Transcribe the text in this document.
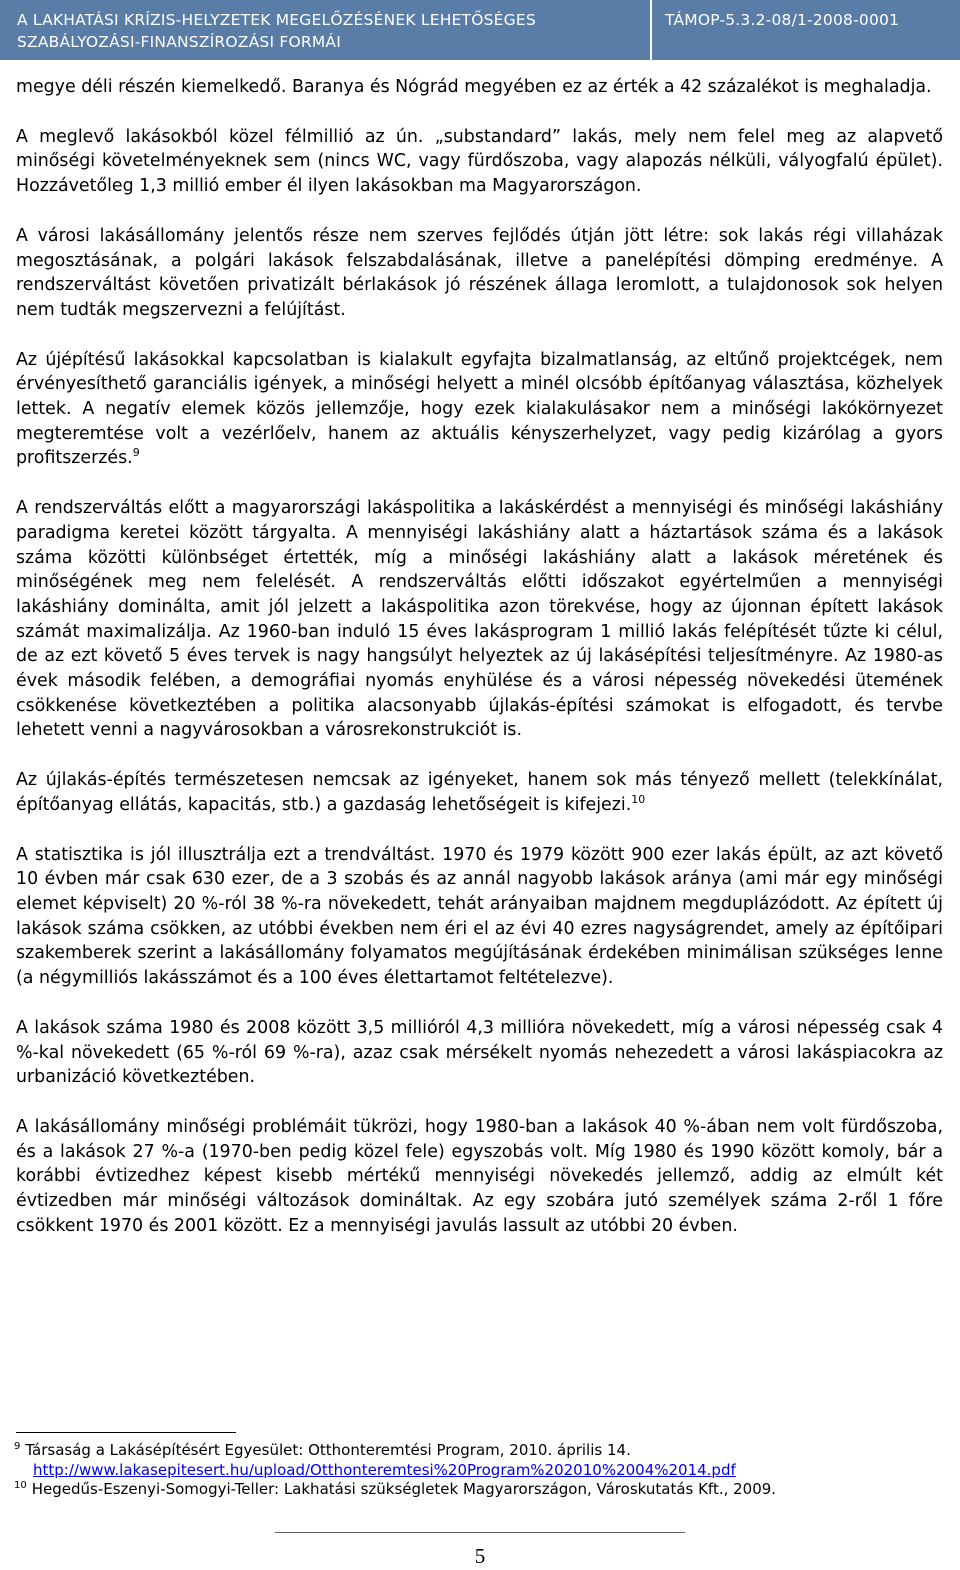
A LAKHATÁSI KRÍZIS-HELYZETEK MEGELŐZÉSÉNEK LEHETŐSÉGES
SZABÁLYOZÁSI-FINANSZÍROZÁSI FORMÁI
TÁMOP-5.3.2-08/1-2008-0001

megye déli részén kiemelkedő. Baranya és Nógrád megyében ez az érték a 42 százalékot is meghaladja.

A meglevő lakásokból közel félmillió az ún. „substandard” lakás, mely nem felel meg az alapvető minőségi követelményeknek sem (nincs WC, vagy fürdőszoba, vagy alapozás nélküli, vályogfalú épület). Hozzávetőleg 1,3 millió ember él ilyen lakásokban ma Magyarországon.

A városi lakásállomány jelentős része nem szerves fejlődés útján jött létre: sok lakás régi villaházak megosztásának, a polgári lakások felszabdalásának, illetve a panelépítési dömping eredménye. A rendszerváltást követően privatizált bérlakások jó részének állaga leromlott, a tulajdonosok sok helyen nem tudták megszervezni a felújítást.

Az újépítésű lakásokkal kapcsolatban is kialakult egyfajta bizalmatlanság, az eltűnő projektcégek, nem érvényesíthető garanciális igények, a minőségi helyett a minél olcsóbb építőanyag választása, közhelyek lettek. A negatív elemek közös jellemzője, hogy ezek kialakulásakor nem a minőségi lakókörnyezet megteremtése volt a vezérlőelv, hanem az aktuális kényszerhelyzet, vagy pedig kizárólag a gyors profitszerzés.$^9$

A rendszerváltás előtt a magyarországi lakáspolitika a lakáskérdést a mennyiségi és minőségi lakáshiány paradigma keretei között tárgyalta. A mennyiségi lakáshiány alatt a háztartások száma és a lakások száma közötti különbséget értették, míg a minőségi lakáshiány alatt a lakások méretének és minőségének meg nem felelését. A rendszerváltás előtti időszakot egyértelműen a mennyiségi lakáshiány dominálta, amit jól jelzett a lakáspolitika azon törekvése, hogy az újonnan épített lakások számát maximalizálja. Az 1960-ban induló 15 éves lakásprogram 1 millió lakás felépítését tűzte ki célul, de az ezt követő 5 éves tervek is nagy hangsúlyt helyeztek az új lakásépítési teljesítményre. Az 1980-as évek második felében, a demográfiai nyomás enyhülése és a városi népesség növekedési ütemének csökkenése következtében a politika alacsonyabb újlakás-építési számokat is elfogadott, és tervbe lehetett venni a nagyvárosokban a városrekonstrukciót is.

Az újlakás-építés természetesen nemcsak az igényeket, hanem sok más tényező mellett (telekkínálat, építőanyag ellátás, kapacitás, stb.) a gazdaság lehetőségeit is kifejezi.$^{10}$

A statisztika is jól illusztrálja ezt a trendváltást. 1970 és 1979 között 900 ezer lakás épült, az azt követő 10 évben már csak 630 ezer, de a 3 szobás és az annál nagyobb lakások aránya (ami már egy minőségi elemet képviselt) 20 %-ról 38 %-ra növekedett, tehát arányaiban majdnem megduplázódott. Az épített új lakások száma csökken, az utóbbi években nem éri el az évi 40 ezres nagyságrendet, amely az építőipari szakemberek szerint a lakásállomány folyamatos megújításának érdekében minimálisan szükséges lenne (a négymilliós lakásszámot és a 100 éves élettartamot feltételezve).

A lakások száma 1980 és 2008 között 3,5 millióról 4,3 millióra növekedett, míg a városi népesség csak 4 %-kal növekedett (65 %-ról 69 %-ra), azaz csak mérsékelt nyomás nehezedett a városi lakáspiacokra az urbanizáció következtében.

A lakásállomány minőségi problémáit tükrözi, hogy 1980-ban a lakások 40 %-ában nem volt fürdőszoba, és a lakások 27 %-a (1970-ben pedig közel fele) egyszobás volt. Míg 1980 és 1990 között komoly, bár a korábbi évtizedhez képest kisebb mértékű mennyiségi növekedés jellemző, addig az elmúlt két évtizedben már minőségi változások domináltak. Az egy szobára jutó személyek száma 2-ről 1 főre csökkent 1970 és 2001 között. Ez a mennyiségi javulás lassult az utóbbi 20 évben.

$^9$ Társaság a Lakásépítésért Egyesület: Otthonteremtési Program, 2010. április 14.
http://www.lakasepitesert.hu/upload/Otthonteremtesi%20Program%202010%2004%2014.pdf
$^{10}$ Hegedűs-Eszenyi-Somogyi-Teller: Lakhatási szükségletek Magyarországon, Városkutatás Kft., 2009.
5
